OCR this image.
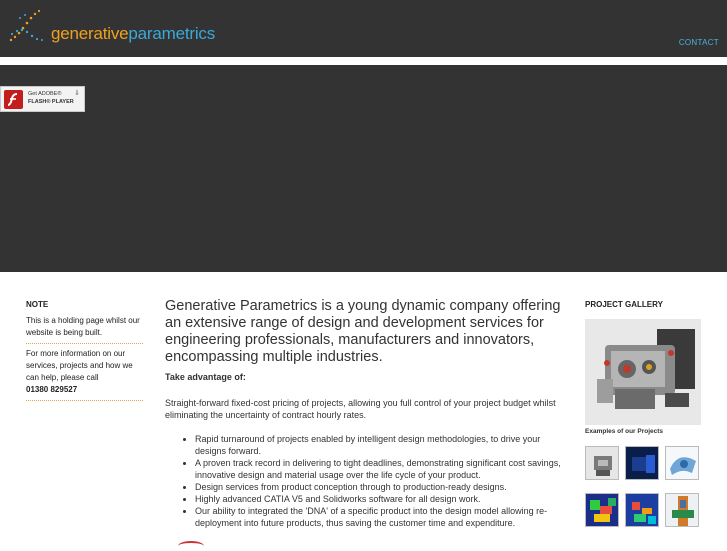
generativeparametrics	CONTACT
Get ADOBE®
FLASH® PLAYER
⇓
NOTE
This is a holding page whilst our website is being built.
For more information on our services, projects and how we can help, please call
01380 829527

Generative Parametrics is a young dynamic company offering an extensive range of design and development services for engineering professionals, manufacturers and innovators, encompassing multiple industries.

Take advantage of:

Straight-forward fixed-cost pricing of projects, allowing you full control of your project budget whilst eliminating the uncertainty of contract hourly rates.

• Rapid turnaround of projects enabled by intelligent design methodologies, to drive your designs forward.
• A proven track record in delivering to tight deadlines, demonstrating significant cost savings, innovative design and material usage over the life cycle of your product.
• Design services from product conception through to production-ready designs.
• Highly advanced CATIA V5 and Solidworks software for all design work.
• Our ability to integrated the 'DNA' of a specific product into the design model allowing re-deployment into future products, thus saving the customer time and expenditure.
PROJECT GALLERY
Examples of our Projects
